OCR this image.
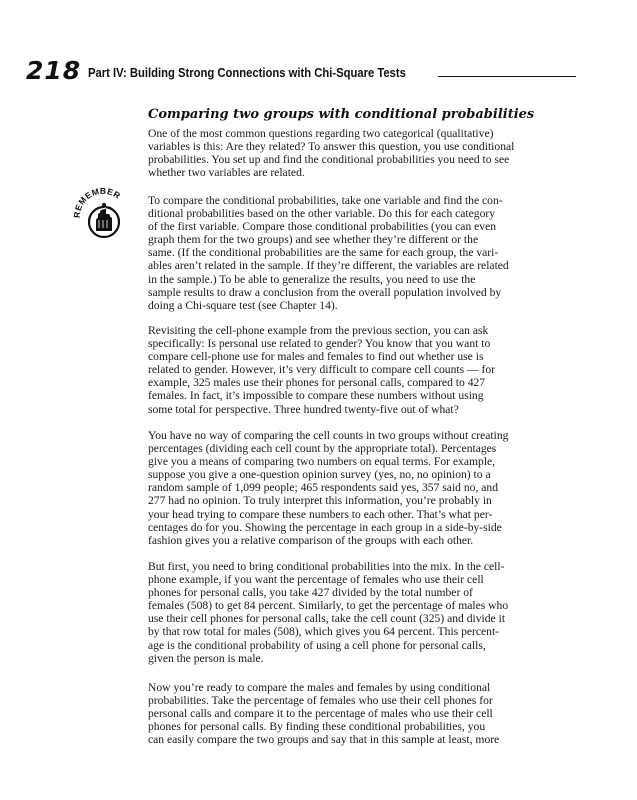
218 Part IV: Building Strong Connections with Chi-Square Tests
Comparing two groups with conditional probabilities
REMEMBER
One of the most common questions regarding two categorical (qualitative)
variables is this: Are they related? To answer this question, you use conditional
probabilities. You set up and find the conditional probabilities you need to see
whether two variables are related.
To compare the conditional probabilities, take one variable and find the con-
ditional probabilities based on the other variable. Do this for each category
of the first variable. Compare those conditional probabilities (you can even
graph them for the two groups) and see whether they’re different or the
same. (If the conditional probabilities are the same for each group, the vari-
ables aren’t related in the sample. If they’re different, the variables are related
in the sample.) To be able to generalize the results, you need to use the
sample results to draw a conclusion from the overall population involved by
doing a Chi-square test (see Chapter 14).
Revisiting the cell-phone example from the previous section, you can ask
specifically: Is personal use related to gender? You know that you want to
compare cell-phone use for males and females to find out whether use is
related to gender. However, it’s very difficult to compare cell counts — for
example, 325 males use their phones for personal calls, compared to 427
females. In fact, it’s impossible to compare these numbers without using
some total for perspective. Three hundred twenty-five out of what?
You have no way of comparing the cell counts in two groups without creating
percentages (dividing each cell count by the appropriate total). Percentages
give you a means of comparing two numbers on equal terms. For example,
suppose you give a one-question opinion survey (yes, no, no opinion) to a
random sample of 1,099 people; 465 respondents said yes, 357 said no, and
277 had no opinion. To truly interpret this information, you’re probably in
your head trying to compare these numbers to each other. That’s what per-
centages do for you. Showing the percentage in each group in a side-by-side
fashion gives you a relative comparison of the groups with each other.
But first, you need to bring conditional probabilities into the mix. In the cell-
phone example, if you want the percentage of females who use their cell
phones for personal calls, you take 427 divided by the total number of
females (508) to get 84 percent. Similarly, to get the percentage of males who
use their cell phones for personal calls, take the cell count (325) and divide it
by that row total for males (508), which gives you 64 percent. This percent-
age is the conditional probability of using a cell phone for personal calls,
given the person is male.
Now you’re ready to compare the males and females by using conditional
probabilities. Take the percentage of females who use their cell phones for
personal calls and compare it to the percentage of males who use their cell
phones for personal calls. By finding these conditional probabilities, you
can easily compare the two groups and say that in this sample at least, more
